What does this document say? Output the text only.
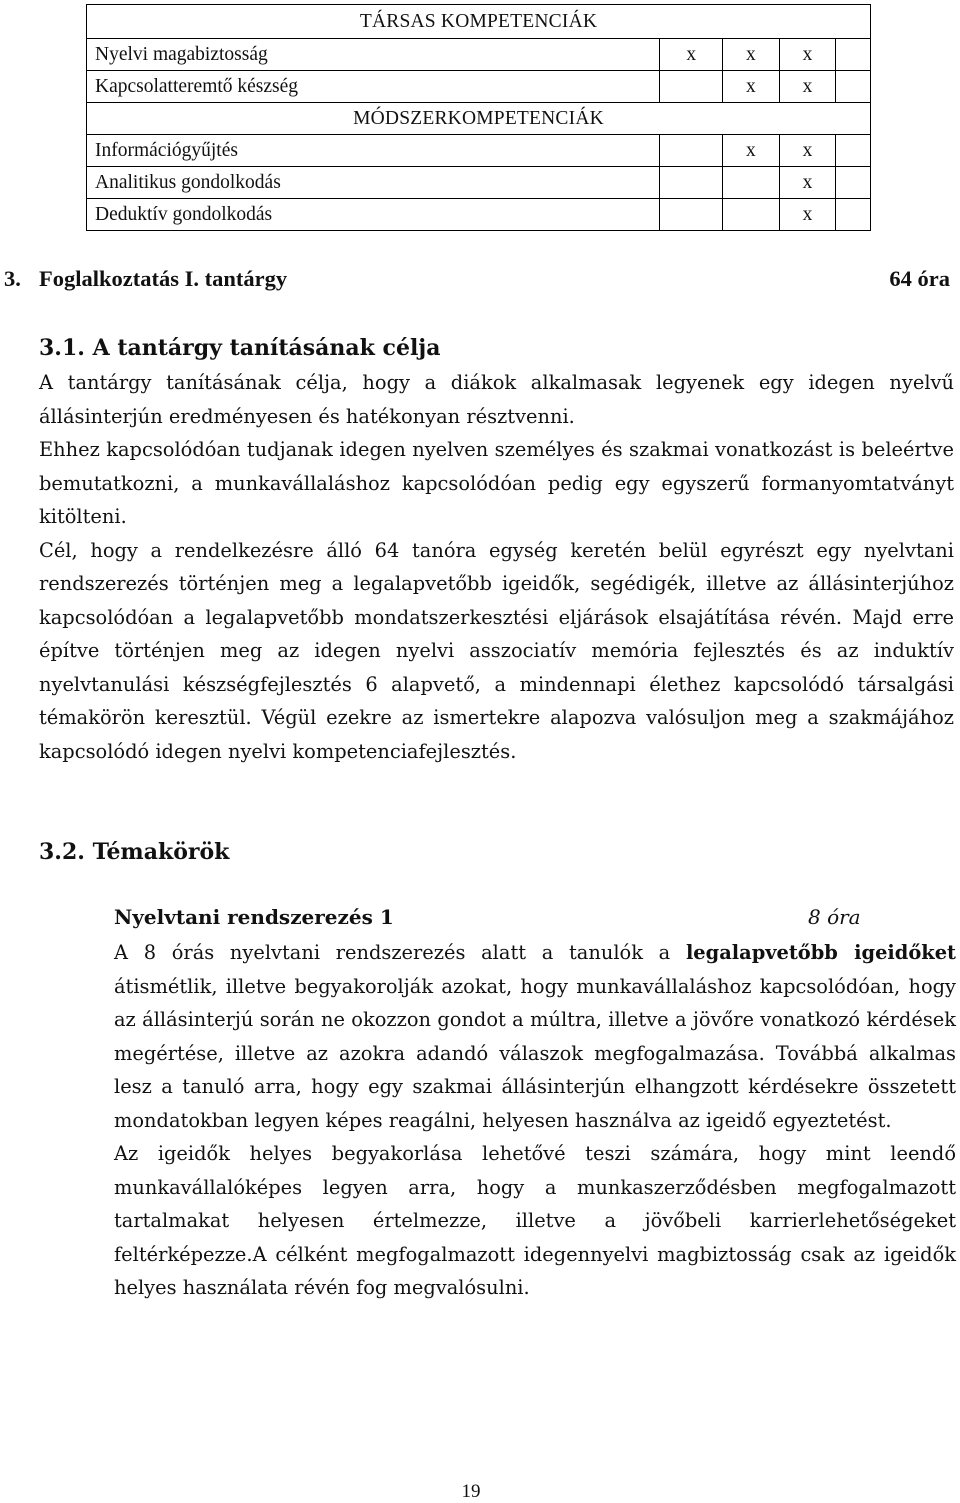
TÁRSAS KOMPETENCIÁK				
Nyelvi magabiztosság	x	x	x	
Kapcsolatteremtő készség		x	x	
MÓDSZERKOMPETENCIÁK				
Információgyűjtés		x	x	
Analitikus gondolkodás			x	
Deduktív gondolkodás			x	
3. Foglalkoztatás I. tantárgy	64 óra
3.1. A tantárgy tanításának célja

A tantárgy tanításának célja, hogy a diákok alkalmasak legyenek egy idegen nyelvű állásinterjún eredményesen és hatékonyan résztvenni.

Ehhez kapcsolódóan tudjanak idegen nyelven személyes és szakmai vonatkozást is beleértve bemutatkozni, a munkavállaláshoz kapcsolódóan pedig egy egyszerű formanyomtatványt kitölteni.

Cél, hogy a rendelkezésre álló 64 tanóra egység keretén belül egyrészt egy nyelvtani rendszerezés történjen meg a legalapvetőbb igeidők, segédigék, illetve az állásinterjúhoz kapcsolódóan a legalapvetőbb mondatszerkesztési eljárások elsajátítása révén. Majd erre építve történjen meg az idegen nyelvi asszociatív memória fejlesztés és az induktív nyelvtanulási készségfejlesztés 6 alapvető, a mindennapi élethez kapcsolódó társalgási témakörön keresztül. Végül ezekre az ismertekre alapozva valósuljon meg a szakmájához kapcsolódó idegen nyelvi kompetenciafejlesztés.

3.2. Témakörök
Nyelvtani rendszerezés 1	8 óra

A 8 órás nyelvtani rendszerezés alatt a tanulók a legalapvetőbb igeidőket átismétlik, illetve begyakorolják azokat, hogy munkavállaláshoz kapcsolódóan, hogy az állásinterjú során ne okozzon gondot a múltra, illetve a jövőre vonatkozó kérdések megértése, illetve az azokra adandó válaszok megfogalmazása. Továbbá alkalmas lesz a tanuló arra, hogy egy szakmai állásinterjún elhangzott kérdésekre összetett mondatokban legyen képes reagálni, helyesen használva az igeidő egyeztetést.

Az igeidők helyes begyakorlása lehetővé teszi számára, hogy mint leendő munkavállalóképes legyen arra, hogy a munkaszerződésben megfogalmazott tartalmakat helyesen értelmezze, illetve a jövőbeli karrierlehetőségeket feltérképezze.A célként megfogalmazott idegennyelvi magbiztosság csak az igeidők helyes használata révén fog megvalósulni.

19
